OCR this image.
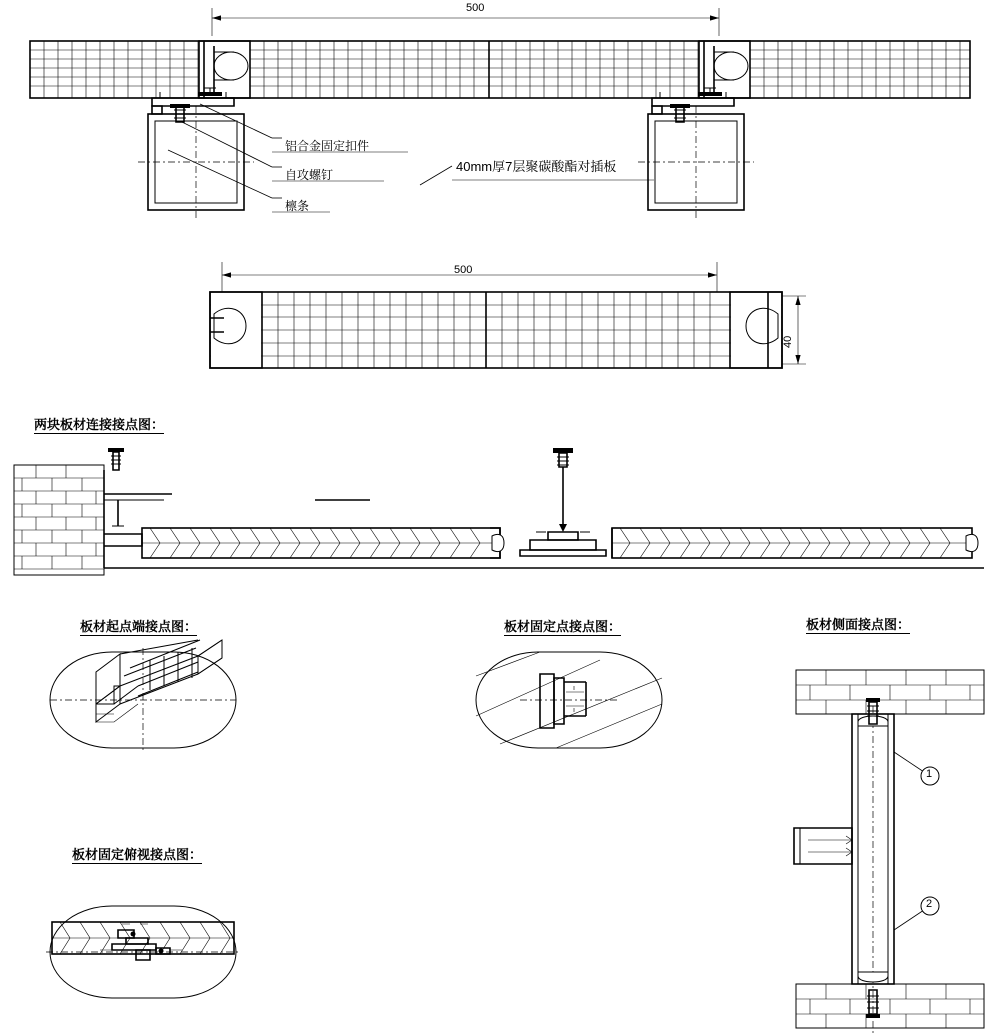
500
铝合金固定扣件
自攻螺钉
檩条
40mm厚7层聚碳酸酯对插板
500
40
两块板材连接接点图：
板材起点端接点图：	板材固定点接点图：	板材侧面接点图：
板材固定俯视接点图：
1
2
